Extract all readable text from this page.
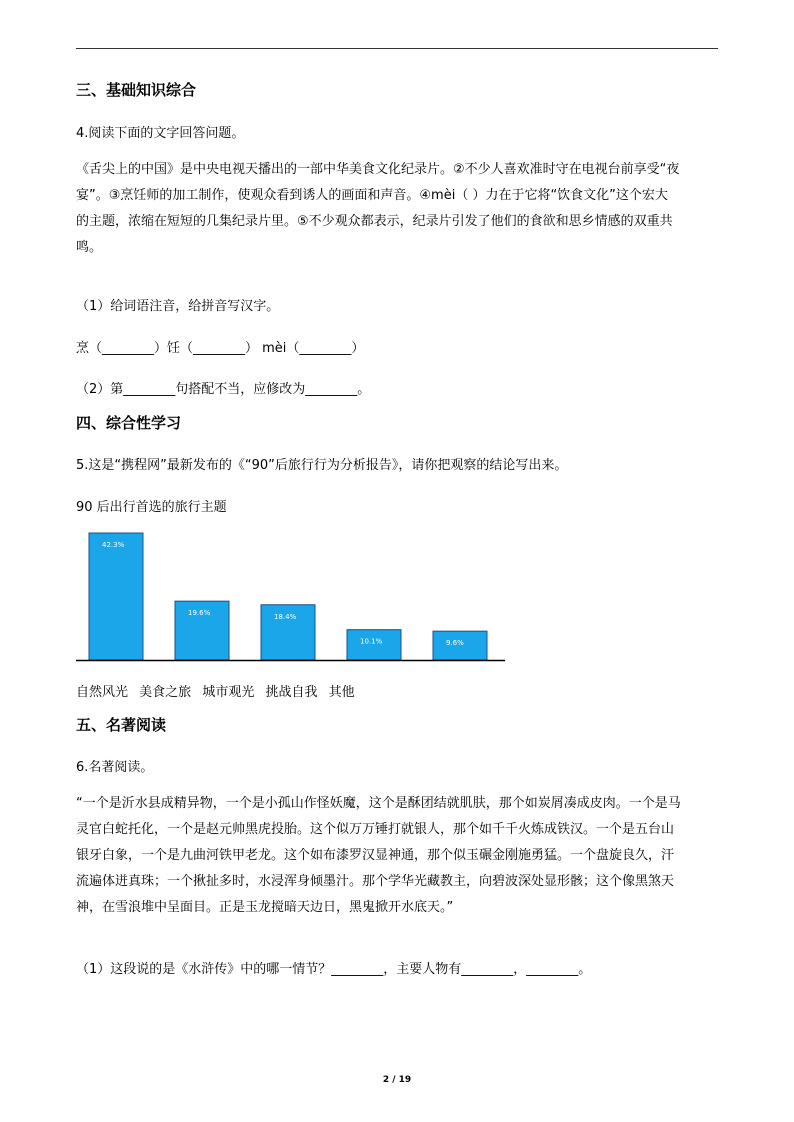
三、基础知识综合

4.阅读下面的文字回答问题。

《舌尖上的中国》是中央电视天播出的一部中华美食文化纪录片。②不少人喜欢准时守在电视台前享受“夜
宴”。③烹饪师的加工制作，使观众看到诱人的画面和声音。④mèi（ ）力在于它将“饮食文化”这个宏大
的主题，浓缩在短短的几集纪录片里。⑤不少观众都表示，纪录片引发了他们的食欲和思乡情感的双重共
鸣。

（1）给词语注音，给拼音写汉字。

烹（________）饪（________） mèi（________）

（2）第________句搭配不当，应修改为________。

四、综合性学习

5.这是“携程网”最新发布的《“90”后旅行行为分析报告》，请你把观察的结论写出来。

90 后出行首选的旅行主题

42.3%
19.6%	18.4%
10.1%	9.6%
自然风光 美食之旅 城市观光 挑战自我 其他

五、名著阅读

6.名著阅读。

“一个是沂水县成精异物，一个是小孤山作怪妖魔，这个是酥团结就肌肤，那个如炭屑凑成皮肉。一个是马
灵官白蛇托化，一个是赵元帅黑虎投胎。这个似万万锤打就银人，那个如千千火炼成铁汉。一个是五台山
银牙白象，一个是九曲河铁甲老龙。这个如布漆罗汉显神通，那个似玉碾金刚施勇猛。一个盘旋良久，汗
流遍体迸真珠；一个揪扯多时，水浸浑身倾墨汁。那个学华光藏教主，向碧波深处显形骸；这个像黑煞天
神，在雪浪堆中呈面目。正是玉龙搅暗天边日，黑鬼掀开水底天。”

（1）这段说的是《水浒传》中的哪一情节？________，主要人物有________，________。

2 / 19
